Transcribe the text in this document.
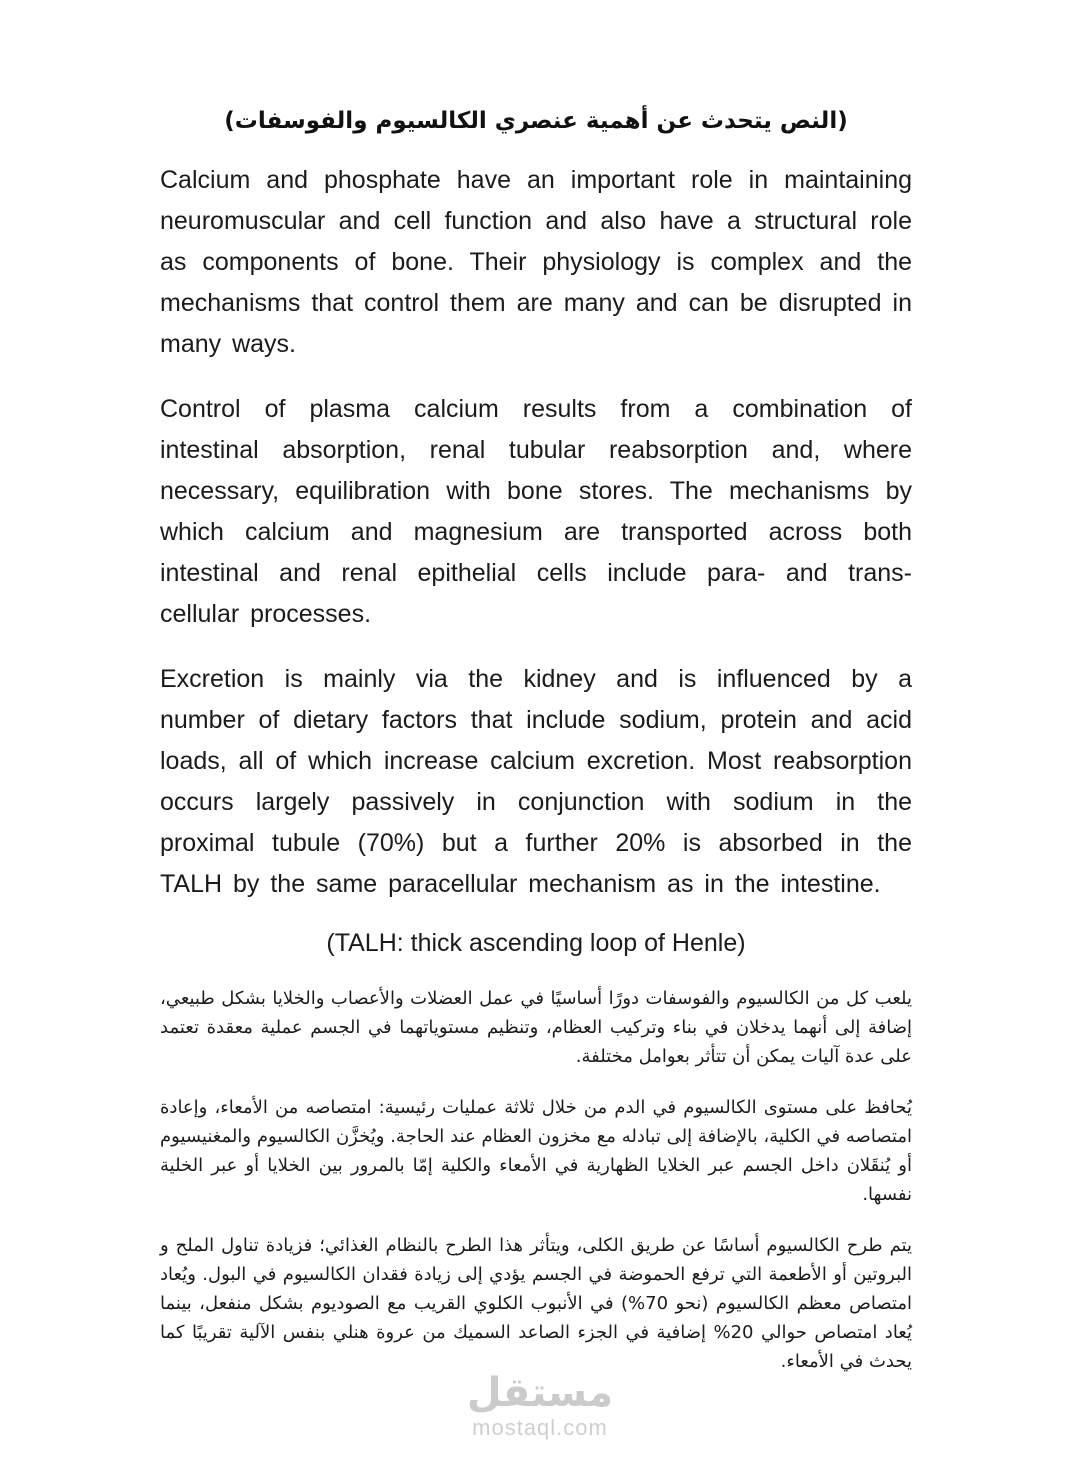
(النص يتحدث عن أهمية عنصري الكالسيوم والفوسفات)

Calcium and phosphate have an important role in maintaining neuromuscular and cell function and also have a structural role as components of bone. Their physiology is complex and the mechanisms that control them are many and can be disrupted in many ways.

Control of plasma calcium results from a combination of intestinal absorption, renal tubular reabsorption and, where necessary, equilibration with bone stores. The mechanisms by which calcium and magnesium are transported across both intestinal and renal epithelial cells include para- and trans-cellular processes.

Excretion is mainly via the kidney and is influenced by a number of dietary factors that include sodium, protein and acid loads, all of which increase calcium excretion. Most reabsorption occurs largely passively in conjunction with sodium in the proximal tubule (70%) but a further 20% is absorbed in the TALH by the same paracellular mechanism as in the intestine.

(TALH: thick ascending loop of Henle)

يلعب كل من الكالسيوم والفوسفات دورًا أساسيًا في عمل العضلات والأعصاب والخلايا بشكل طبيعي، إضافة إلى أنهما يدخلان في بناء وتركيب العظام، وتنظيم مستوياتهما في الجسم عملية معقدة تعتمد على عدة آليات يمكن أن تتأثر بعوامل مختلفة.

يُحافظ على مستوى الكالسيوم في الدم من خلال ثلاثة عمليات رئيسية: امتصاصه من الأمعاء، وإعادة امتصاصه في الكلية، بالإضافة إلى تبادله مع مخزون العظام عند الحاجة. ويُخزَّن الكالسيوم والمغنيسيوم أو يُنقَلان داخل الجسم عبر الخلايا الظهارية في الأمعاء والكلية إمّا بالمرور بين الخلايا أو عبر الخلية نفسها.

يتم طرح الكالسيوم أساسًا عن طريق الكلى، ويتأثر هذا الطرح بالنظام الغذائي؛ فزيادة تناول الملح و البروتين أو الأطعمة التي ترفع الحموضة في الجسم يؤدي إلى زيادة فقدان الكالسيوم في البول. ويُعاد امتصاص معظم الكالسيوم (نحو 70%) في الأنبوب الكلوي القريب مع الصوديوم بشكل منفعل، بينما يُعاد امتصاص حوالي 20% إضافية في الجزء الصاعد السميك من عروة هنلي بنفس الآلية تقريبًا كما يحدث في الأمعاء.

مستقل
mostaql.com
